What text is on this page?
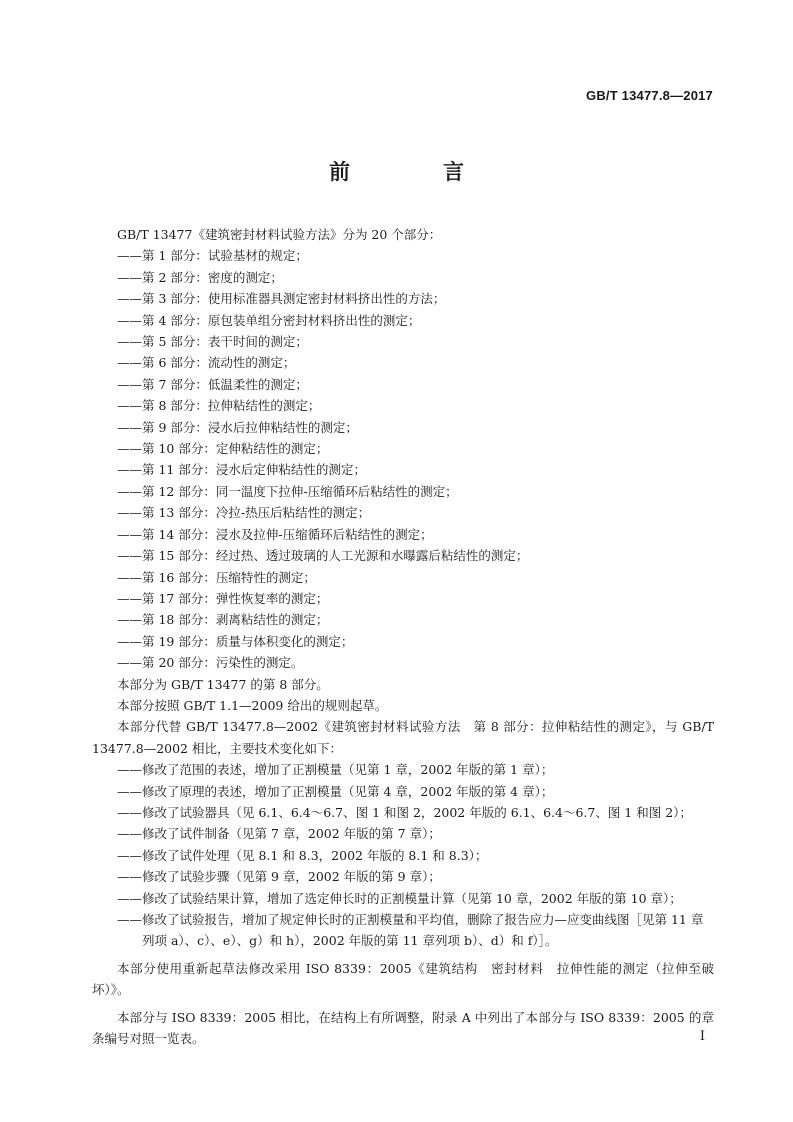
GB/T 13477.8—2017
前　言
GB/T 13477《建筑密封材料试验方法》分为 20 个部分：
——第 1 部分：试验基材的规定；
——第 2 部分：密度的测定；
——第 3 部分：使用标准器具测定密封材料挤出性的方法；
——第 4 部分：原包装单组分密封材料挤出性的测定；
——第 5 部分：表干时间的测定；
——第 6 部分：流动性的测定；
——第 7 部分：低温柔性的测定；
——第 8 部分：拉伸粘结性的测定；
——第 9 部分：浸水后拉伸粘结性的测定；
——第 10 部分：定伸粘结性的测定；
——第 11 部分：浸水后定伸粘结性的测定；
——第 12 部分：同一温度下拉伸-压缩循环后粘结性的测定；
——第 13 部分：冷拉-热压后粘结性的测定；
——第 14 部分：浸水及拉伸-压缩循环后粘结性的测定；
——第 15 部分：经过热、透过玻璃的人工光源和水曝露后粘结性的测定；
——第 16 部分：压缩特性的测定；
——第 17 部分：弹性恢复率的测定；
——第 18 部分：剥离粘结性的测定；
——第 19 部分：质量与体积变化的测定；
——第 20 部分：污染性的测定。
本部分为 GB/T 13477 的第 8 部分。
本部分按照 GB/T 1.1—2009 给出的规则起草。
本部分代替 GB/T 13477.8—2002《建筑密封材料试验方法　第 8 部分：拉伸粘结性的测定》，与 GB/T 13477.8—2002 相比，主要技术变化如下：
——修改了范围的表述，增加了正割模量（见第 1 章，2002 年版的第 1 章）；
——修改了原理的表述，增加了正割模量（见第 4 章，2002 年版的第 4 章）；
——修改了试验器具（见 6.1、6.4～6.7、图 1 和图 2，2002 年版的 6.1、6.4～6.7、图 1 和图 2）；
——修改了试件制备（见第 7 章，2002 年版的第 7 章）；
——修改了试件处理（见 8.1 和 8.3，2002 年版的 8.1 和 8.3）；
——修改了试验步骤（见第 9 章，2002 年版的第 9 章）；
——修改了试验结果计算，增加了选定伸长时的正割模量计算（见第 10 章，2002 年版的第 10 章）；
——修改了试验报告，增加了规定伸长时的正割模量和平均值，删除了报告应力—应变曲线图［见第 11 章列项 a）、c）、e）、g）和 h），2002 年版的第 11 章列项 b）、d）和 f）］。
本部分使用重新起草法修改采用 ISO 8339：2005《建筑结构　密封材料　拉伸性能的测定（拉伸至破坏）》。
本部分与 ISO 8339：2005 相比，在结构上有所调整，附录 A 中列出了本部分与 ISO 8339：2005 的章条编号对照一览表。	I
